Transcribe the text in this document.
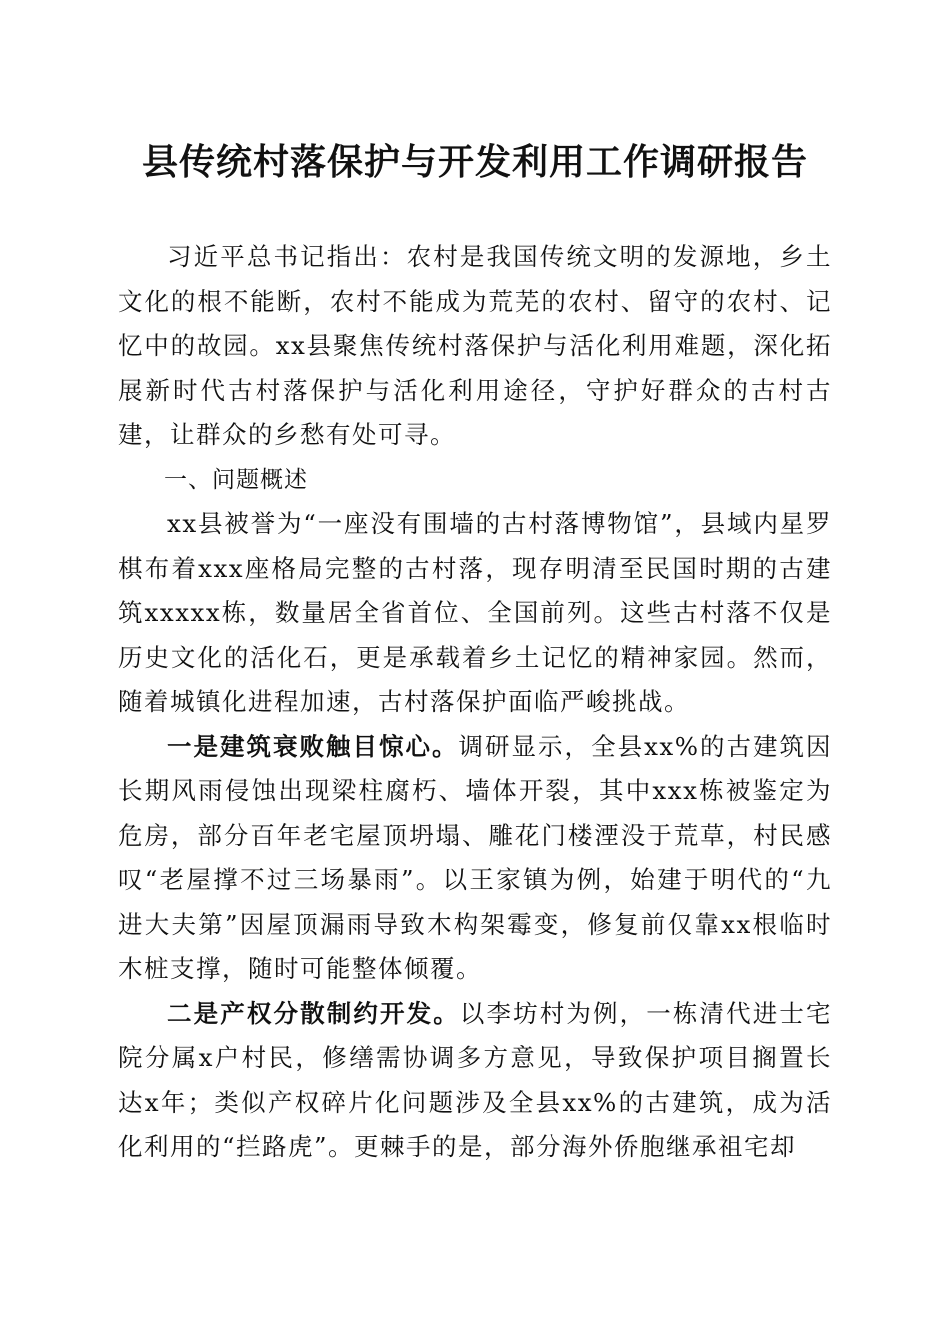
县传统村落保护与开发利用工作调研报告

习近平总书记指出：农村是我国传统文明的发源地，乡土文化的根不能断，农村不能成为荒芜的农村、留守的农村、记忆中的故园。xx县聚焦传统村落保护与活化利用难题，深化拓展新时代古村落保护与活化利用途径，守护好群众的古村古建，让群众的乡愁有处可寻。

一、问题概述

xx县被誉为“一座没有围墙的古村落博物馆”，县域内星罗棋布着xxx座格局完整的古村落，现存明清至民国时期的古建筑xxxxx栋，数量居全省首位、全国前列。这些古村落不仅是历史文化的活化石，更是承载着乡土记忆的精神家园。然而，随着城镇化进程加速，古村落保护面临严峻挑战。

一是建筑衰败触目惊心。调研显示，全县xx%的古建筑因长期风雨侵蚀出现梁柱腐朽、墙体开裂，其中xxx栋被鉴定为危房，部分百年老宅屋顶坍塌、雕花门楼湮没于荒草，村民感叹“老屋撑不过三场暴雨”。以王家镇为例，始建于明代的“九进大夫第”因屋顶漏雨导致木构架霉变，修复前仅靠xx根临时木桩支撑，随时可能整体倾覆。

二是产权分散制约开发。以李坊村为例，一栋清代进士宅院分属x户村民，修缮需协调多方意见，导致保护项目搁置长达x年；类似产权碎片化问题涉及全县xx%的古建筑，成为活化利用的“拦路虎”。更棘手的是，部分海外侨胞继承祖宅却
